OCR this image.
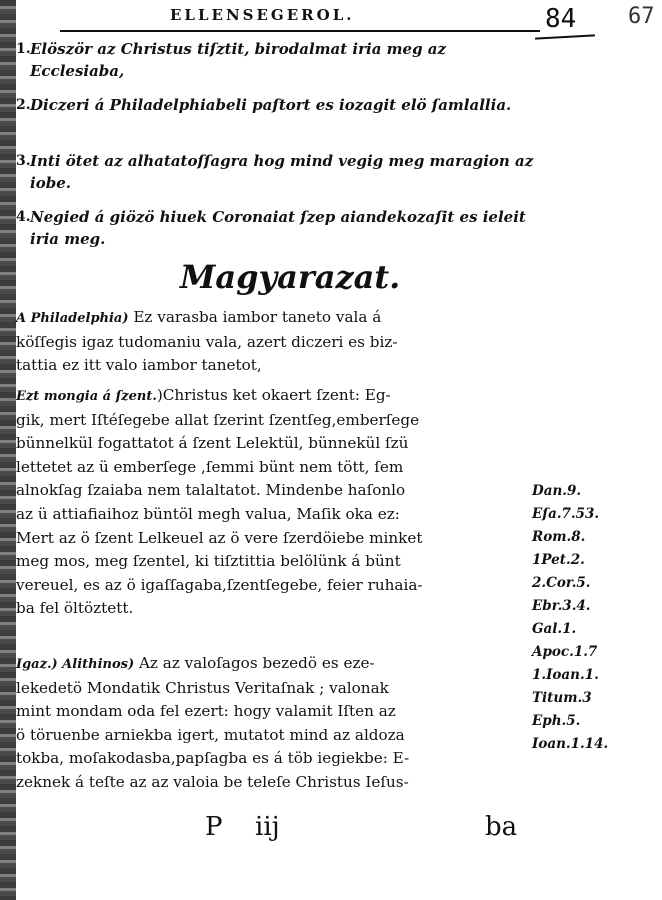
ELLENSEGEROL.	84 67
1. Elöször az Christus tiſztit, birodalmat iria meg az Ecclesiaba,
2. Diczeri á Philadelphiabeli paſtort es iozagit elö ſamlallia.
3. Inti ötet az alhatatoſſagra hog mind vegig meg maragion az iobe.
4. Negied á giözö hiuek Coronaiat ſzep aiandekozaſit es ieleit iria meg.
Magyarazat.
A Philadelphia) Ez varasba iambor taneto vala á
köſſegis igaz tudomaniu vala, azert diczeri es biz-
tattia ez itt valo iambor tanetot,
Ezt mongia á ſzent.)Christus ket okaert ſzent: Eg-
gik, mert Iſtéſegebe allat ſzerint ſzentſeg,emberſege
bünnelkül fogattatot á ſzent Lelektül, bünnekül ſzü
lettetet az ü emberſege ,ſemmi bünt nem tött, ſem
alnokſag ſzaiaba nem talaltatot. Mindenbe haſonlo
az ü attiafiaihoz büntöl megh valua, Maſik oka ez:
Mert az ö ſzent Lelkeuel az ö vere ſzerdöiebe minket
meg mos, meg ſzentel, ki tiſztittia belölünk á bünt
vereuel, es az ö igaſſagaba,ſzentſegebe, feier ruhaia-
ba fel öltöztett.
Igaz.) Alithinos) Az az valoſagos bezedö es eze-
lekedetö Mondatik Christus Veritaſnak ; valonak
mint mondam oda fel ezert: hogy valamit Iſten az
ö töruenbe arniekba igert, mutatot mind az aldoza
tokba, moſakodasba,papſagba es á töb iegiekbe: E-
zeknek á teſte az az valoia be teleſe Christus Ieſus-
Dan.9.
Eſa.7.53.
Rom.8.
1Pet.2.
2.Cor.5.
Ebr.3.4.
Gal.1.
Apoc.1.7
1.Ioan.1.
Titum.3
Eph.5.
Ioan.1.14.
P iij	ba
